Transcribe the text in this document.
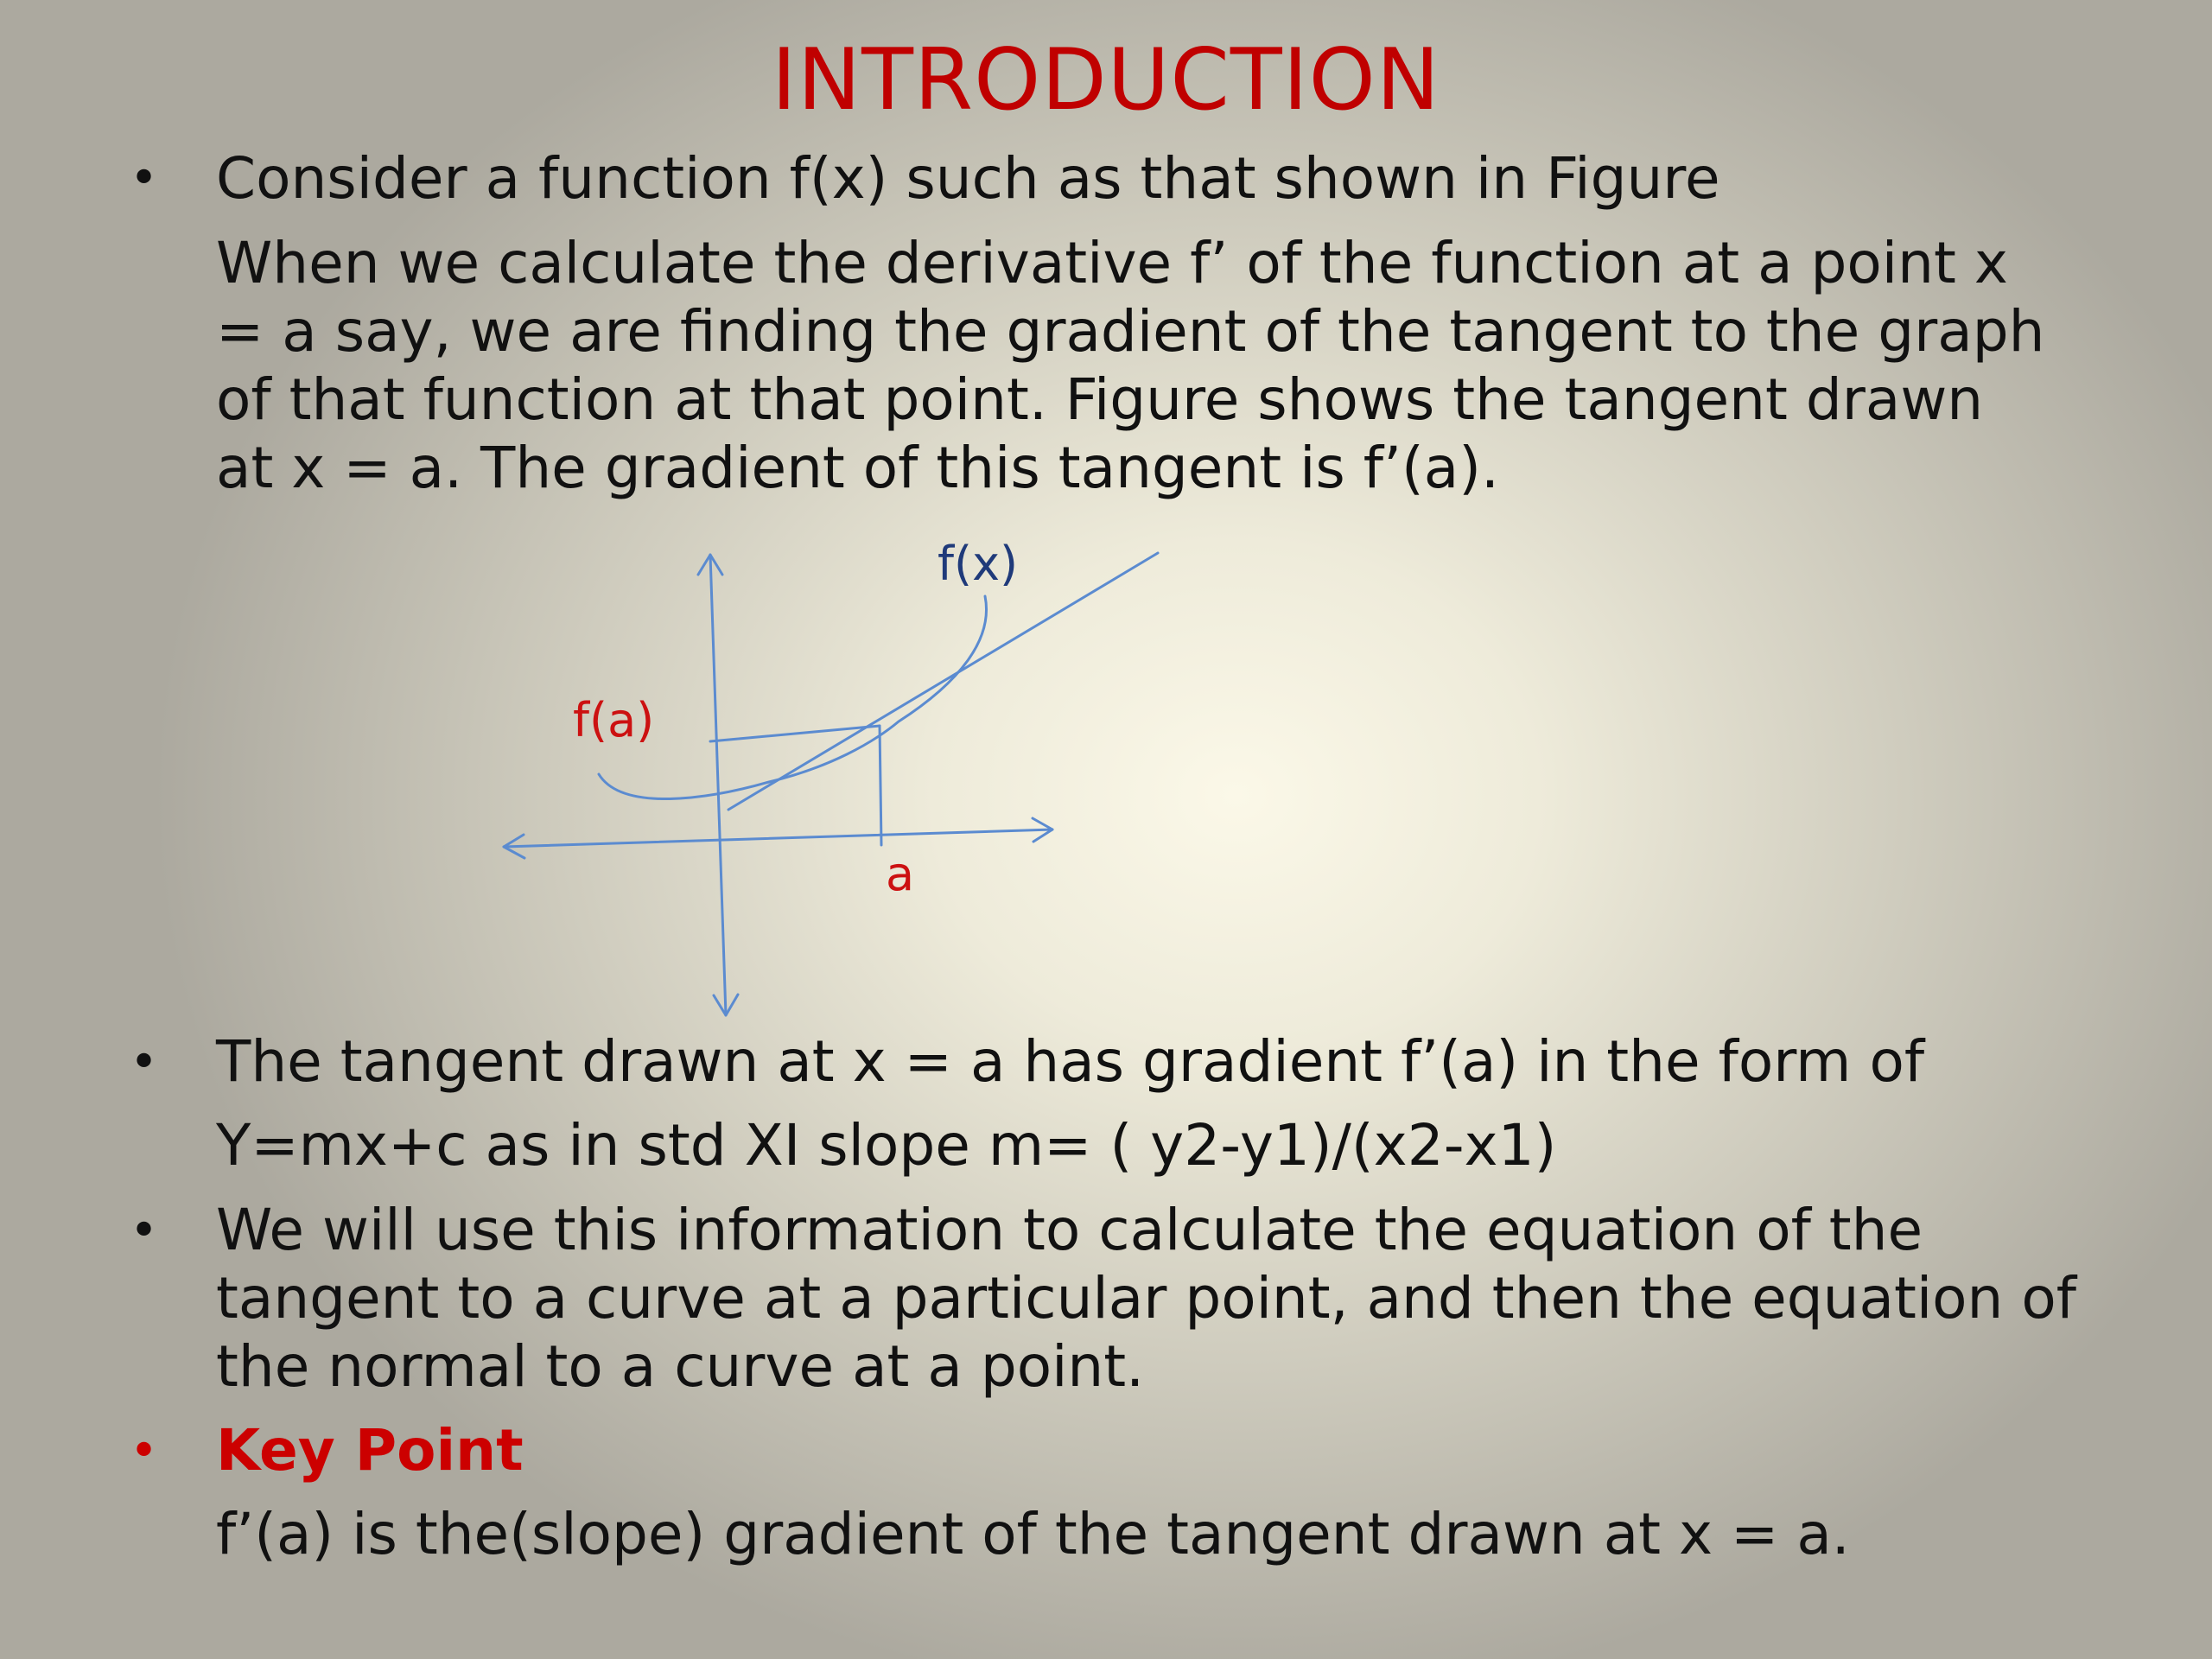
INTRODUCTION
• Consider a function f(x) such as that shown in Figure
When we calculate the derivative f’ of the function at a point x
= a say, we are finding the gradient of the tangent to the graph
of that function at that point. Figure shows the tangent drawn
at x = a. The gradient of this tangent is f’(a).
f(x)
f(a)
a
• The tangent drawn at x = a has gradient f’(a) in the form of
Y=mx+c as in std XI slope m= ( y2-y1)/(x2-x1)
• We will use this information to calculate the equation of the
tangent to a curve at a particular point, and then the equation of
the normal to a curve at a point.
• Key Point
f’(a) is the(slope) gradient of the tangent drawn at x = a.
